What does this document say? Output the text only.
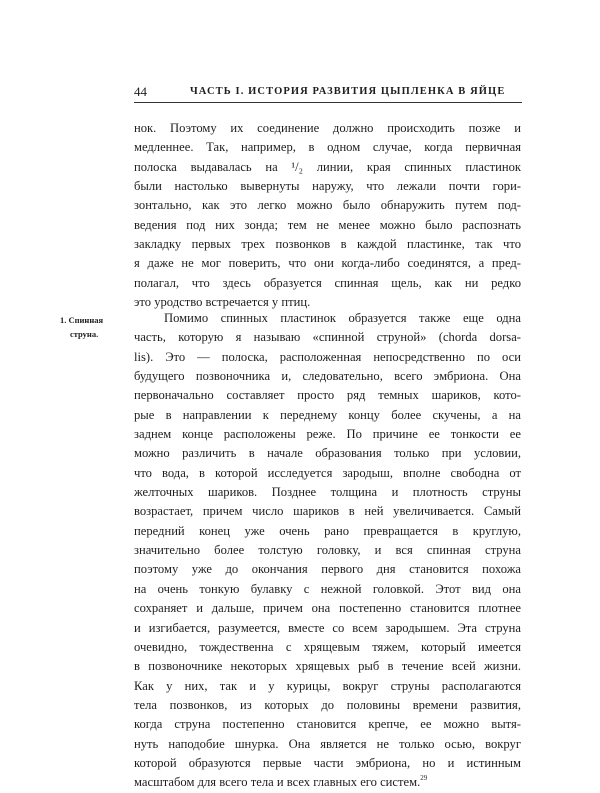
44	ЧАСТЬ I. ИСТОРИЯ РАЗВИТИЯ ЦЫПЛЕНКА В ЯЙЦЕ
1. Спинная
струна.
нок. Поэтому их соединение должно происходить позже и
медленнее. Так, например, в одном случае, когда первичная
полоска выдавалась на ¹/₂ линии, края спинных пластинок
были настолько вывернуты наружу, что лежали почти гори-
зонтально, как это легко можно было обнаружить путем под-
ведения под них зонда; тем не менее можно было распознать
закладку первых трех позвонков в каждой пластинке, так что
я даже не мог поверить, что они когда-либо соединятся, а пред-
полагал, что здесь образуется спинная щель, как ни редко
это уродство встречается у птиц.
Помимо спинных пластинок образуется также еще одна
часть, которую я называю «спинной струной» (chorda dorsa-
lis). Это — полоска, расположенная непосредственно по оси
будущего позвоночника и, следовательно, всего эмбриона. Она
первоначально составляет просто ряд темных шариков, кото-
рые в направлении к переднему концу более скучены, а на
заднем конце расположены реже. По причине ее тонкости ее
можно различить в начале образования только при условии,
что вода, в которой исследуется зародыш, вполне свободна от
желточных шариков. Позднее толщина и плотность струны
возрастает, причем число шариков в ней увеличивается. Самый
передний конец уже очень рано превращается в круглую,
значительно более толстую головку, и вся спинная струна
поэтому уже до окончания первого дня становится похожа
на очень тонкую булавку с нежной головкой. Этот вид она
сохраняет и дальше, причем она постепенно становится плотнее
и изгибается, разумеется, вместе со всем зародышем. Эта струна
очевидно, тождественна с хрящевым тяжем, который имеется
в позвоночнике некоторых хрящевых рыб в течение всей жизни.
Как у них, так и у курицы, вокруг струны располагаются
тела позвонков, из которых до половины времени развития,
когда струна постепенно становится крепче, ее можно вытя-
нуть наподобие шнурка. Она является не только осью, вокруг
которой образуются первые части эмбриона, но и истинным
масштабом для всего тела и всех главных его систем.$^{29}$
